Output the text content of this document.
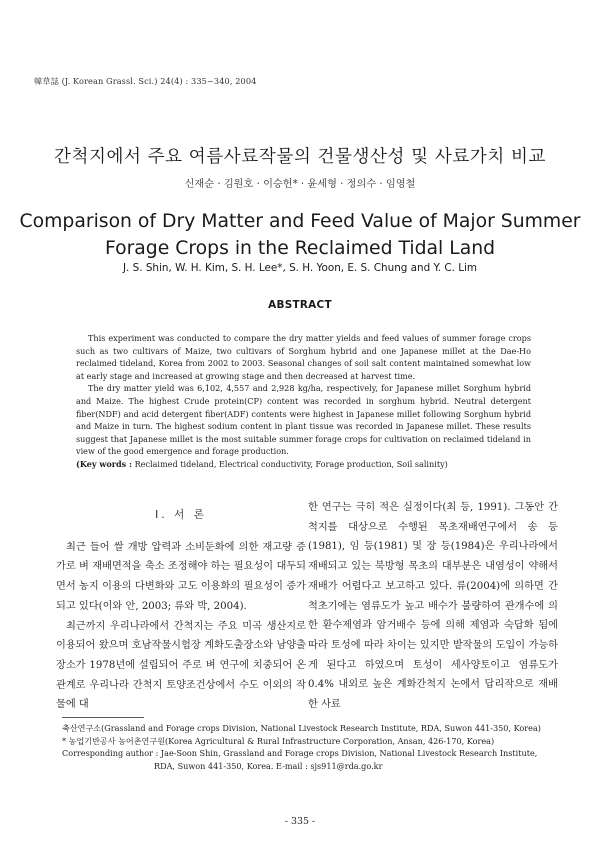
韓草誌 (J. Korean Grassl. Sci.) 24(4) : 335~340, 2004
간척지에서 주요 여름사료작물의 건물생산성 및 사료가치 비교
신재순 · 김원호 · 이승헌* · 윤세형 · 정의수 · 임영철
Comparison of Dry Matter and Feed Value of Major Summer
Forage Crops in the Reclaimed Tidal Land
J. S. Shin, W. H. Kim, S. H. Lee*, S. H. Yoon, E. S. Chung and Y. C. Lim
ABSTRACT

This experiment was conducted to compare the dry matter yields and feed values of summer forage crops such as two cultivars of Maize, two cultivars of Sorghum hybrid and one Japanese millet at the Dae-Ho reclaimed tideland, Korea from 2002 to 2003. Seasonal changes of soil salt content maintained somewhat low at early stage and increased at growing stage and then decreased at harvest time.

The dry matter yield was 6,102, 4,557 and 2,928 kg/ha, respectively, for Japanese millet Sorghum hybrid and Maize. The highest Crude protein(CP) content was recorded in sorghum hybrid. Neutral detergent fiber(NDF) and acid detergent fiber(ADF) contents were highest in Japanese millet following Sorghum hybrid and Maize in turn. The highest sodium content in plant tissue was recorded in Japanese millet. These results suggest that Japanese millet is the most suitable summer forage crops for cultivation on reclaimed tideland in view of the good emergence and forage production.

(Key words : Reclaimed tideland, Electrical conductivity, Forage production, Soil salinity)

Ⅰ. 서 론

최근 들어 쌀 개방 압력과 소비둔화에 의한 재고량 증가로 벼 재배면적을 축소 조정해야 하는 필요성이 대두되면서 농지 이용의 다변화와 고도 이용화의 필요성이 증가되고 있다(이와 안, 2003; 류와 박, 2004).

최근까지 우리나라에서 간척지는 주요 미곡 생산지로 이용되어 왔으며 호남작물시험장 계화도출장소와 남양출장소가 1978년에 설립되어 주로 벼 연구에 치중되어 온 관계로 우리나라 간척지 토양조건상에서 수도 이외의 작물에 대

한 연구는 극히 적은 실정이다(최 등, 1991). 그동안 간척지를 대상으로 수행된 목초재배연구에서 송 등(1981), 임 등(1981) 및 장 등(1984)은 우리나라에서 재배되고 있는 북방형 목초의 대부분은 내염성이 약해서 재배가 어렵다고 보고하고 있다. 류(2004)에 의하면 간척초기에는 염류도가 높고 배수가 불량하여 관개수에 의한 환수제염과 암거배수 등에 의해 제염과 숙답화 됨에 따라 토성에 따라 차이는 있지만 밭작물의 도입이 가능하게 된다고 하였으며 토성이 세사양토이고 염류도가 0.4% 내외로 높은 계화간척지 논에서 답리작으로 재배한 사료

축산연구소(Grassland and Forage crops Division, National Livestock Research Institute, RDA, Suwon 441-350, Korea)

* 농업기반공사 농어촌연구원(Korea Agricultural & Rural Infrastructure Corporation, Ansan, 426-170, Korea)

Corresponding author : Jae-Soon Shin, Grassland and Forage crops Division, National Livestock Research Institute,

RDA, Suwon 441-350, Korea. E-mail : sjs911@rda.go.kr

- 335 -
